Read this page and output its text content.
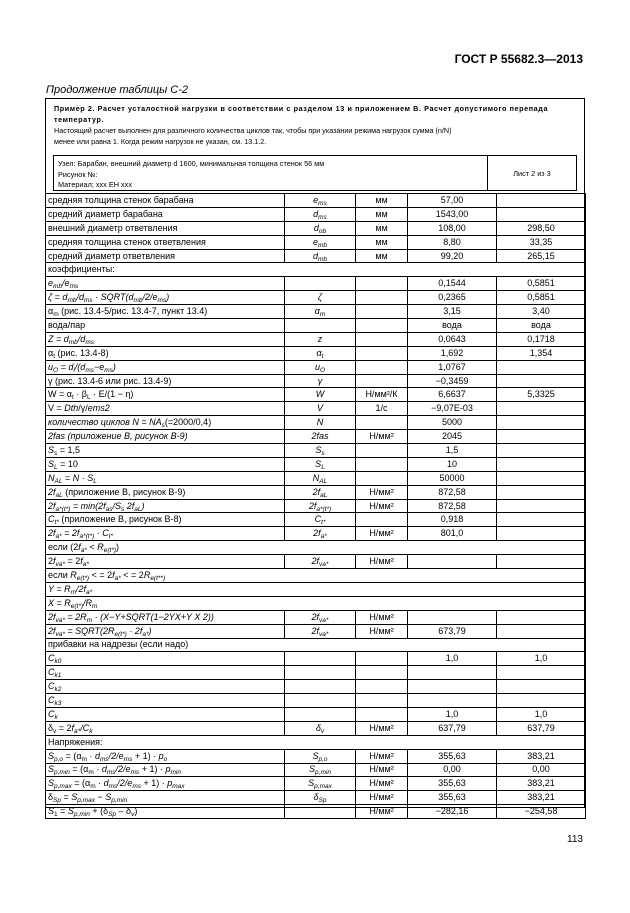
ГОСТ Р 55682.3—2013
Продолжение таблицы С-2
Пример 2. Расчет усталостной нагрузки в соответствии с разделом 13 и приложением В. Расчет допустимого перепада температур.
Настоящий расчет выполнен для различного количества циклов так, чтобы при указании режима нагрузок сумма (n/N)
менее или равна 1. Когда режим нагрузок не указан, см. 13.1.2.
Узел: Барабан, внешний диаметр d 1600, минимальная толщина стенок 56 мм
Рисунок №:
Материал; ххх ЕН ххх
Лист 2 из 3
средняя толщина стенок барабана	$e_{ms}$	мм	57,00	
средний диаметр барабана	$d_{ms}$	мм	1543,00	
внешний диаметр ответвления	$d_{ob}$	мм	108,00	298,50
средняя толщина стенок ответвления	$e_{mb}$	мм	8,80	33,35
средний диаметр ответвления	$d_{mb}$	мм	99,20	265,15
коэффициенты:				
$e_{mb}/e_{ms}$			0,1544	0,5851
$\zeta = d_{mb}/d_{ms}$ · $SQRT(d_{mb}/2/e_{ms})$	ζ		0,2365	0,5851
$\alpha_m$ (рис. 13.4-5/рис. 13.4-7, пункт 13.4)	$\alpha_m$		3,15	3,40
вода/пар			вода	вода
$Z = d_{mb}/d_{ms}$	z		0,0643	0,1718
$\alpha_t$ (рис. 13.4-8)	$\alpha_t$		1,692	1,354
$u_O = d_i/(d_{ms}-e_{ms})$	$u_O$		1,0767	
γ (рис. 13.4-6 или рис. 13.4-9)	γ		−0,3459	
$W = \alpha_t \cdot \beta_L \cdot E/(1 - \eta)$	W	Н/мм²/К	6,6637	5,3325
V = Dth/γ/ems2	V	1/с	−9,07E-03	
количество циклов $N = NA_s(=2000/0,4)$	N		5000	
2fas (приложение В, рисунок В-9)	2fas	Н/мм²	2045	
$S_s = 1,5$	$S_s$		1,5	
$S_L = 10$	$S_L$		10	
$N_{AL} = N \cdot S_L$	$N_{AL}$		50000	
$2f_{aL}$ (приложение В, рисунок В-9)	$2f_{aL}$	Н/мм²	872,58	
$2f_{a*(t*)} = \min(2f_{as}/S_s$ $2f_{aL}$)	$2f_{a*(t*)}$	Н/мм²	872,58	
$C_{t*}$ (приложение В, рисунок В-8)	$C_{t*}$		0,918	
$2f_{a*} = 2f_{a*(t*)} \cdot C_{t*}$	$2f_{a*}$	Н/мм²	801,0	
если $(2f_{a*} < R_{e(t*)})$				
$2f_{va*} = 2f_{a*}$	$2f_{va*}$	Н/мм²		
если $R_{e(t*)}$ < = $2f_{a*}$ < = $2R_{e(t**)}$
$Y = R_m/2f_{a*}$
$X = R_{e(t*)}/R_m$
$2f_{va*} = 2R_m$ · (X−Y+SQRT(1−2YX+Y X 2))	$2f_{va*}$	Н/мм²		
$2f_{va*}$ = $SQRT(2R_{e(t*)} \cdot 2f_{a*})$	$2f_{va*}$	Н/мм²	673,79	
прибавки на надрезы (если надо)				
$C_{k0}$			1,0	1,0
$C_{k1}$				
$C_{k2}$				
$C_{k3}$				
$C_k$			1,0	1,0
$\delta_v = 2f_{a*}/C_k$	$\delta_v$	Н/мм²	637,79	637,79
Напряжения:				
$S_{p,o} = (\alpha_m \cdot d_{ms}/2/e_{ms} + 1) \cdot p_o$	$S_{p,o}$	Н/мм²	355,63	383,21
$S_{p,min} = (\alpha_m \cdot d_{ms}/2/e_{ms} + 1) \cdot p_{min}$	$S_{p,min}$	Н/мм²	0,00	0,00
$S_{p,max} = (\alpha_m \cdot d_{ms}/2/e_{ms} + 1) \cdot p_{max}$	$S_{p,max}$	Н/мм²	355,63	383,21
$\delta_{Sp} = S_{p,max} - S_{p,min}$	$\delta_{Sp}$	Н/мм²	355,63	383,21
$S_1 = S_{p,min} + (\delta_{Sp} - \delta_v)$		Н/мм²	−282,16	−254,58
113
